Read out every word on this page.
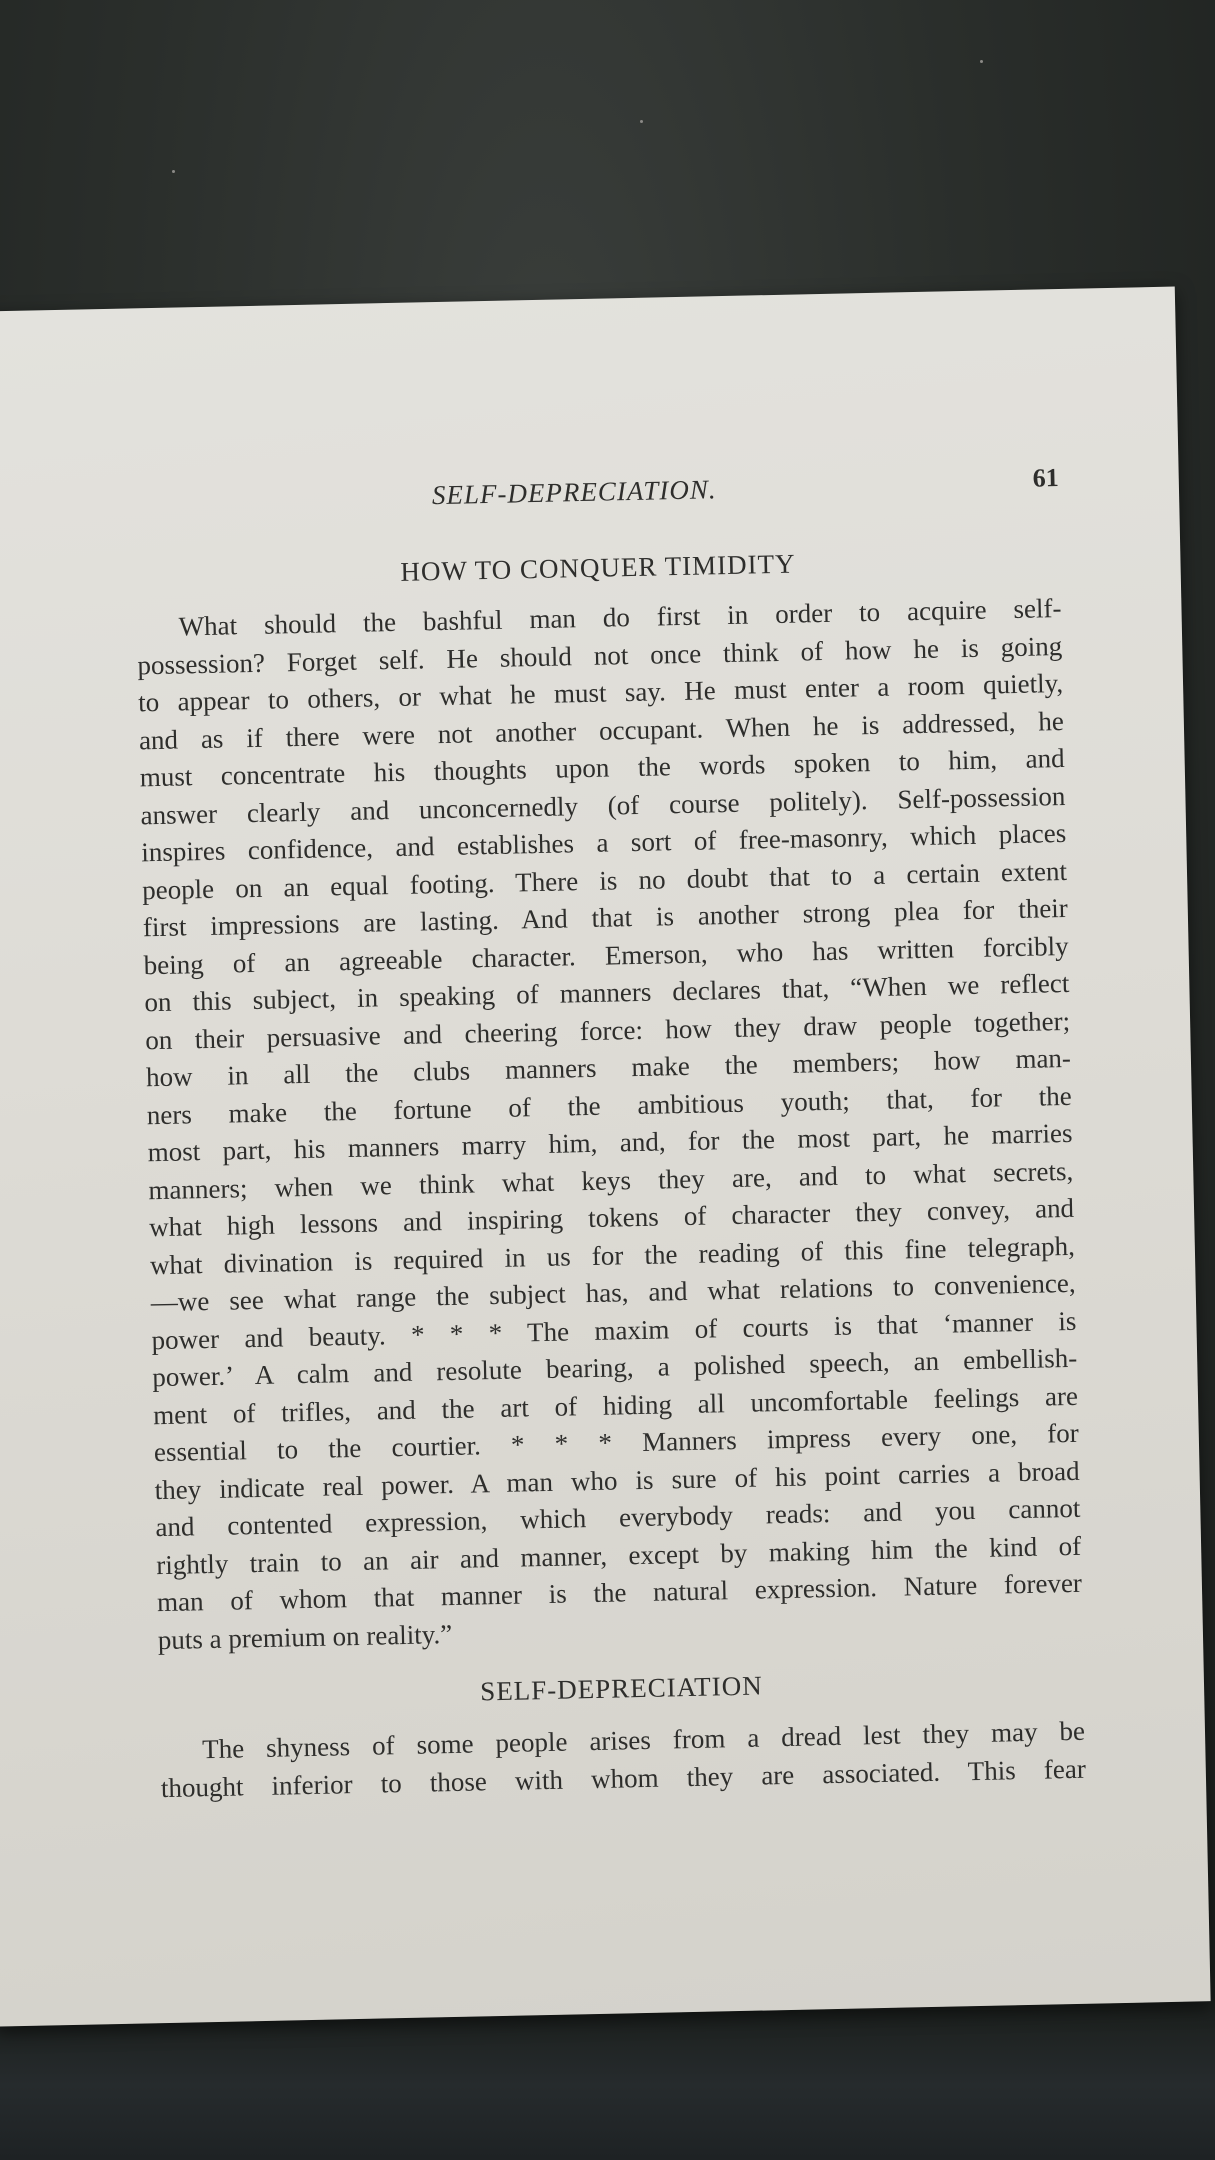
SELF-DEPRECIATION.	61
HOW TO CONQUER TIMIDITY
What should the bashful man do first in order to acquire self-
possession? Forget self. He should not once think of how he is going
to appear to others, or what he must say. He must enter a room quietly,
and as if there were not another occupant. When he is addressed, he
must concentrate his thoughts upon the words spoken to him, and
answer clearly and unconcernedly (of course politely). Self-possession
inspires confidence, and establishes a sort of free-masonry, which places
people on an equal footing. There is no doubt that to a certain extent
first impressions are lasting. And that is another strong plea for their
being of an agreeable character. Emerson, who has written forcibly
on this subject, in speaking of manners declares that, “When we reflect
on their persuasive and cheering force: how they draw people together;
how in all the clubs manners make the members; how man-
ners make the fortune of the ambitious youth; that, for the
most part, his manners marry him, and, for the most part, he marries
manners; when we think what keys they are, and to what secrets,
what high lessons and inspiring tokens of character they convey, and
what divination is required in us for the reading of this fine telegraph,
—we see what range the subject has, and what relations to convenience,
power and beauty. * * * The maxim of courts is that ‘manner is
power.’ A calm and resolute bearing, a polished speech, an embellish-
ment of trifles, and the art of hiding all uncomfortable feelings are
essential to the courtier. * * * Manners impress every one, for
they indicate real power. A man who is sure of his point carries a broad
and contented expression, which everybody reads: and you cannot
rightly train to an air and manner, except by making him the kind of
man of whom that manner is the natural expression. Nature forever
puts a premium on reality.”
SELF-DEPRECIATION
The shyness of some people arises from a dread lest they may be
thought inferior to those with whom they are associated. This fear
